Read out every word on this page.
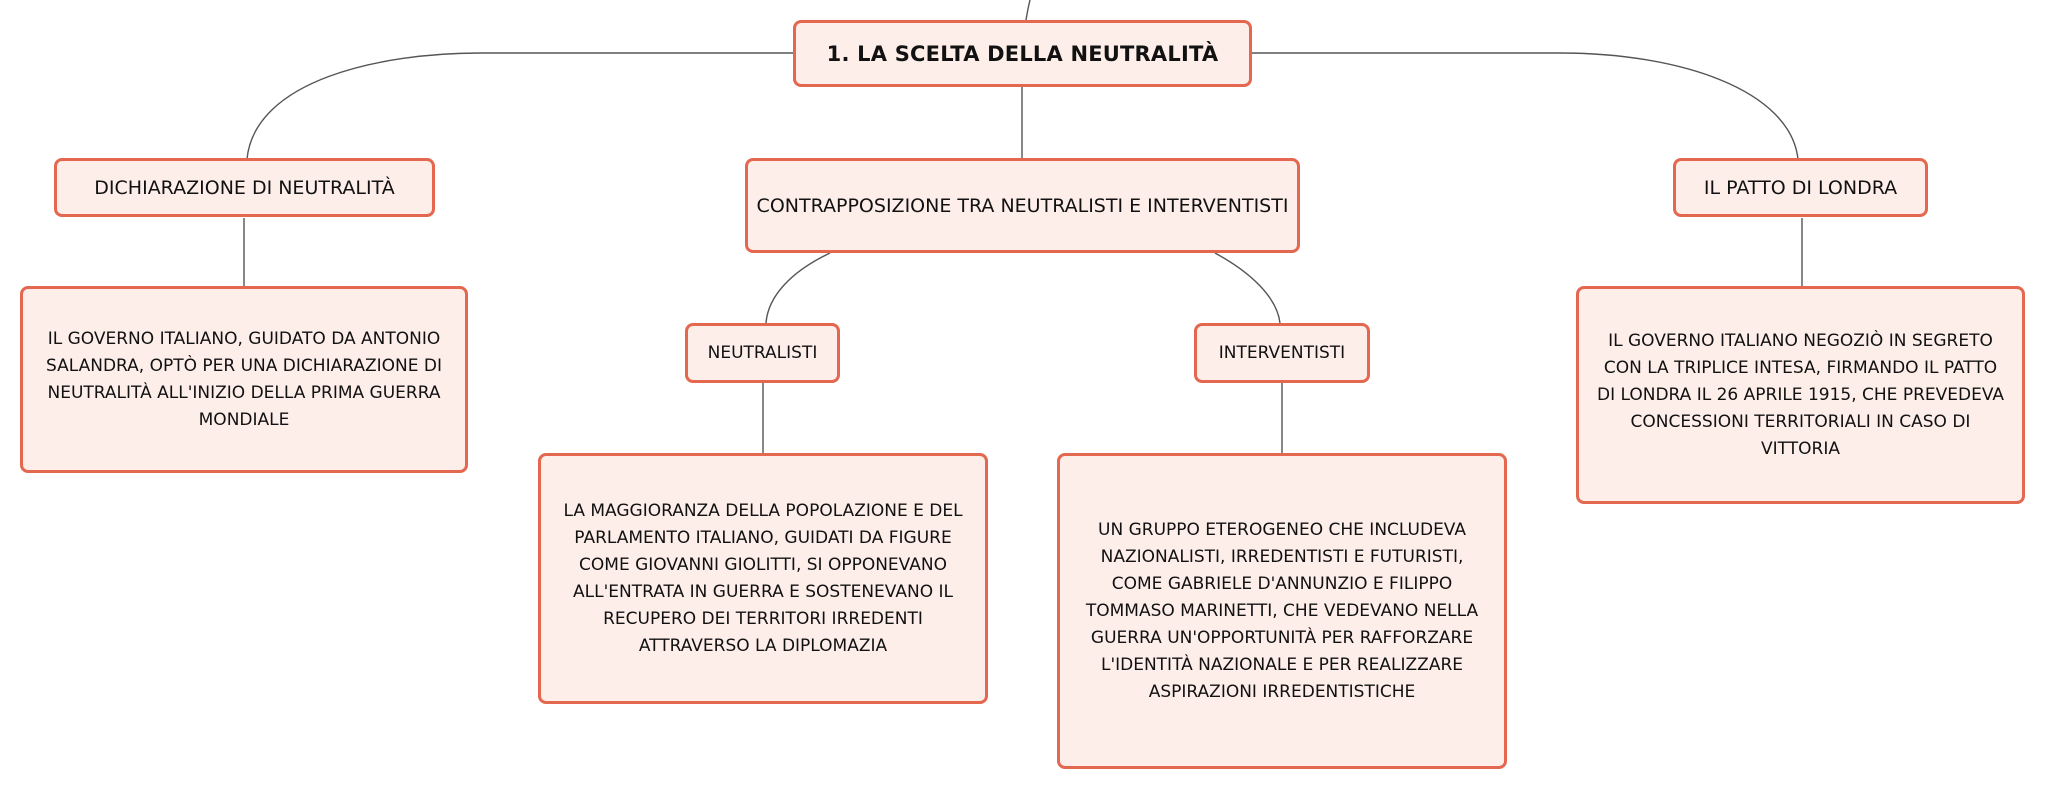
1. LA SCELTA DELLA NEUTRALITÀ
DICHIARAZIONE DI NEUTRALITÀ
CONTRAPPOSIZIONE TRA NEUTRALISTI E INTERVENTISTI
IL PATTO DI LONDRA
IL GOVERNO ITALIANO, GUIDATO DA ANTONIO SALANDRA, OPTÒ PER UNA DICHIARAZIONE DI NEUTRALITÀ ALL'INIZIO DELLA PRIMA GUERRA MONDIALE
NEUTRALISTI	INTERVENTISTI
IL GOVERNO ITALIANO NEGOZIÒ IN SEGRETO CON LA TRIPLICE INTESA, FIRMANDO IL PATTO DI LONDRA IL 26 APRILE 1915, CHE PREVEDEVA CONCESSIONI TERRITORIALI IN CASO DI VITTORIA
LA MAGGIORANZA DELLA POPOLAZIONE E DEL PARLAMENTO ITALIANO, GUIDATI DA FIGURE COME GIOVANNI GIOLITTI, SI OPPONEVANO ALL'ENTRATA IN GUERRA E SOSTENEVANO IL RECUPERO DEI TERRITORI IRREDENTI ATTRAVERSO LA DIPLOMAZIA
UN GRUPPO ETEROGENEO CHE INCLUDEVA NAZIONALISTI, IRREDENTISTI E FUTURISTI, COME GABRIELE D'ANNUNZIO E FILIPPO TOMMASO MARINETTI, CHE VEDEVANO NELLA GUERRA UN'OPPORTUNITÀ PER RAFFORZARE L'IDENTITÀ NAZIONALE E PER REALIZZARE ASPIRAZIONI IRREDENTISTICHE
